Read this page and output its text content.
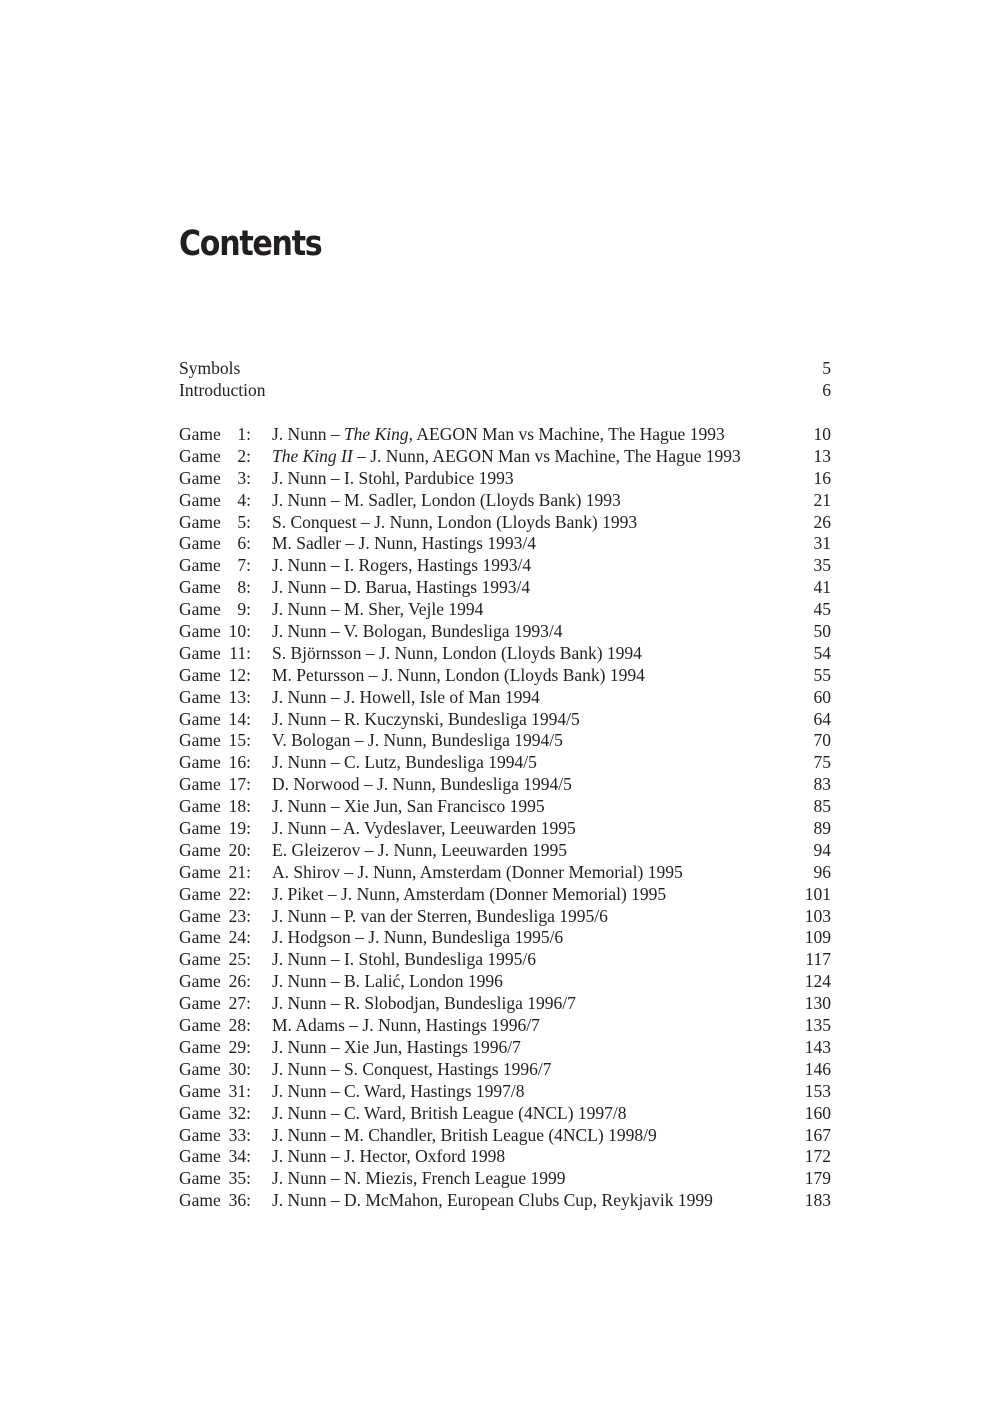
Contents
Symbols	5
Introduction	6
Game 1: J. Nunn – The King, AEGON Man vs Machine, The Hague 1993	10
Game 2: The King II – J. Nunn, AEGON Man vs Machine, The Hague 1993	13
Game 3: J. Nunn – I. Stohl, Pardubice 1993	16
Game 4: J. Nunn – M. Sadler, London (Lloyds Bank) 1993	21
Game 5: S. Conquest – J. Nunn, London (Lloyds Bank) 1993	26
Game 6: M. Sadler – J. Nunn, Hastings 1993/4	31
Game 7: J. Nunn – I. Rogers, Hastings 1993/4	35
Game 8: J. Nunn – D. Barua, Hastings 1993/4	41
Game 9: J. Nunn – M. Sher, Vejle 1994	45
Game 10: J. Nunn – V. Bologan, Bundesliga 1993/4	50
Game 11: S. Björnsson – J. Nunn, London (Lloyds Bank) 1994	54
Game 12: M. Petursson – J. Nunn, London (Lloyds Bank) 1994	55
Game 13: J. Nunn – J. Howell, Isle of Man 1994	60
Game 14: J. Nunn – R. Kuczynski, Bundesliga 1994/5	64
Game 15: V. Bologan – J. Nunn, Bundesliga 1994/5	70
Game 16: J. Nunn – C. Lutz, Bundesliga 1994/5	75
Game 17: D. Norwood – J. Nunn, Bundesliga 1994/5	83
Game 18: J. Nunn – Xie Jun, San Francisco 1995	85
Game 19: J. Nunn – A. Vydeslaver, Leeuwarden 1995	89
Game 20: E. Gleizerov – J. Nunn, Leeuwarden 1995	94
Game 21: A. Shirov – J. Nunn, Amsterdam (Donner Memorial) 1995	96
Game 22: J. Piket – J. Nunn, Amsterdam (Donner Memorial) 1995	101
Game 23: J. Nunn – P. van der Sterren, Bundesliga 1995/6	103
Game 24: J. Hodgson – J. Nunn, Bundesliga 1995/6	109
Game 25: J. Nunn – I. Stohl, Bundesliga 1995/6	117
Game 26: J. Nunn – B. Lalić, London 1996	124
Game 27: J. Nunn – R. Slobodjan, Bundesliga 1996/7	130
Game 28: M. Adams – J. Nunn, Hastings 1996/7	135
Game 29: J. Nunn – Xie Jun, Hastings 1996/7	143
Game 30: J. Nunn – S. Conquest, Hastings 1996/7	146
Game 31: J. Nunn – C. Ward, Hastings 1997/8	153
Game 32: J. Nunn – C. Ward, British League (4NCL) 1997/8	160
Game 33: J. Nunn – M. Chandler, British League (4NCL) 1998/9	167
Game 34: J. Nunn – J. Hector, Oxford 1998	172
Game 35: J. Nunn – N. Miezis, French League 1999	179
Game 36: J. Nunn – D. McMahon, European Clubs Cup, Reykjavik 1999	183
